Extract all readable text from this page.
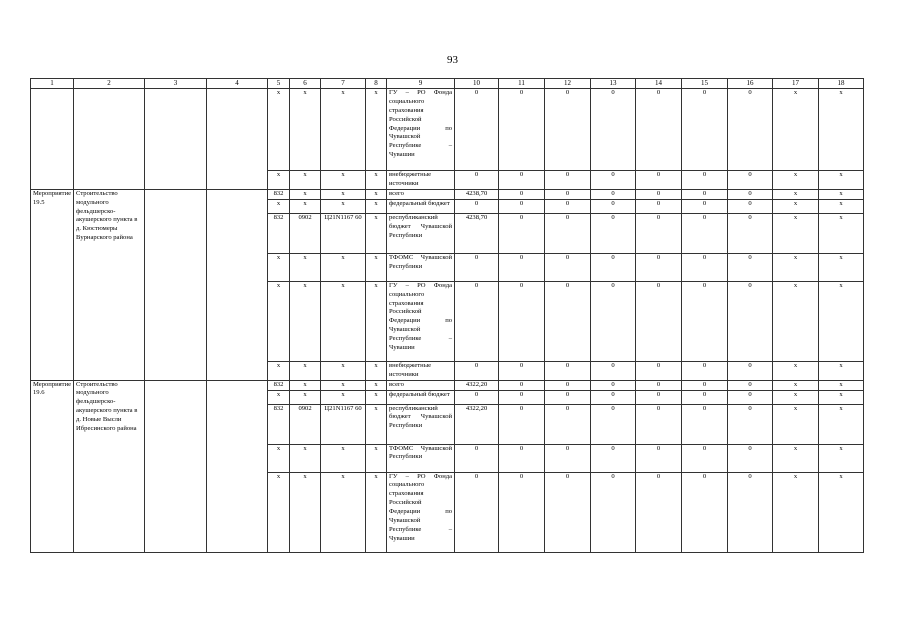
93
1	2	3	4	5	6	7	8	9	10	11	12	13	14	15	16	17	18
				x	x	x	x	ГУ – РО Фонда социального страхования Российской Федерации по Чувашской Республике – Чувашии	0	0	0	0	0	0	0	x	x
				x	x	x	x	внебюджетные источники	0	0	0	0	0	0	0	x	x
Мероприятие 19.5	Строительство модульного фельдшерско-акушерского пункта в д. Кюстюмеры Вурнарского района			832	x	x	x	всего	4238,70	0	0	0	0	0	0	x	x
				x	x	x	x	федеральный бюджет	0	0	0	0	0	0	0	x	x
				832	0902	Ц21N1167 60	x	республиканский бюджет Чувашской Республики	4238,70	0	0	0	0	0	0	x	x
				x	x	x	x	ТФОМС Чувашской Республики	0	0	0	0	0	0	0	x	x
				x	x	x	x	ГУ – РО Фонда социального страхования Российской Федерации по Чувашской Республике – Чувашии	0	0	0	0	0	0	0	x	x
				x	x	x	x	внебюджетные источники	0	0	0	0	0	0	0	x	x
Мероприятие 19.6	Строительство модульного фельдшерско-акушерского пункта в д. Новые Высли Ибресинского района			832	x	x	x	всего	4322,20	0	0	0	0	0	0	x	x
				x	x	x	x	федеральный бюджет	0	0	0	0	0	0	0	x	x
				832	0902	Ц21N1167 60	x	республиканский бюджет Чувашской Республики	4322,20	0	0	0	0	0	0	x	x
				x	x	x	x	ТФОМС Чувашской Республики	0	0	0	0	0	0	0	x	x
				x	x	x	x	ГУ – РО Фонда социального страхования Российской Федерации по Чувашской Республике – Чувашии	0	0	0	0	0	0	0	x	x
